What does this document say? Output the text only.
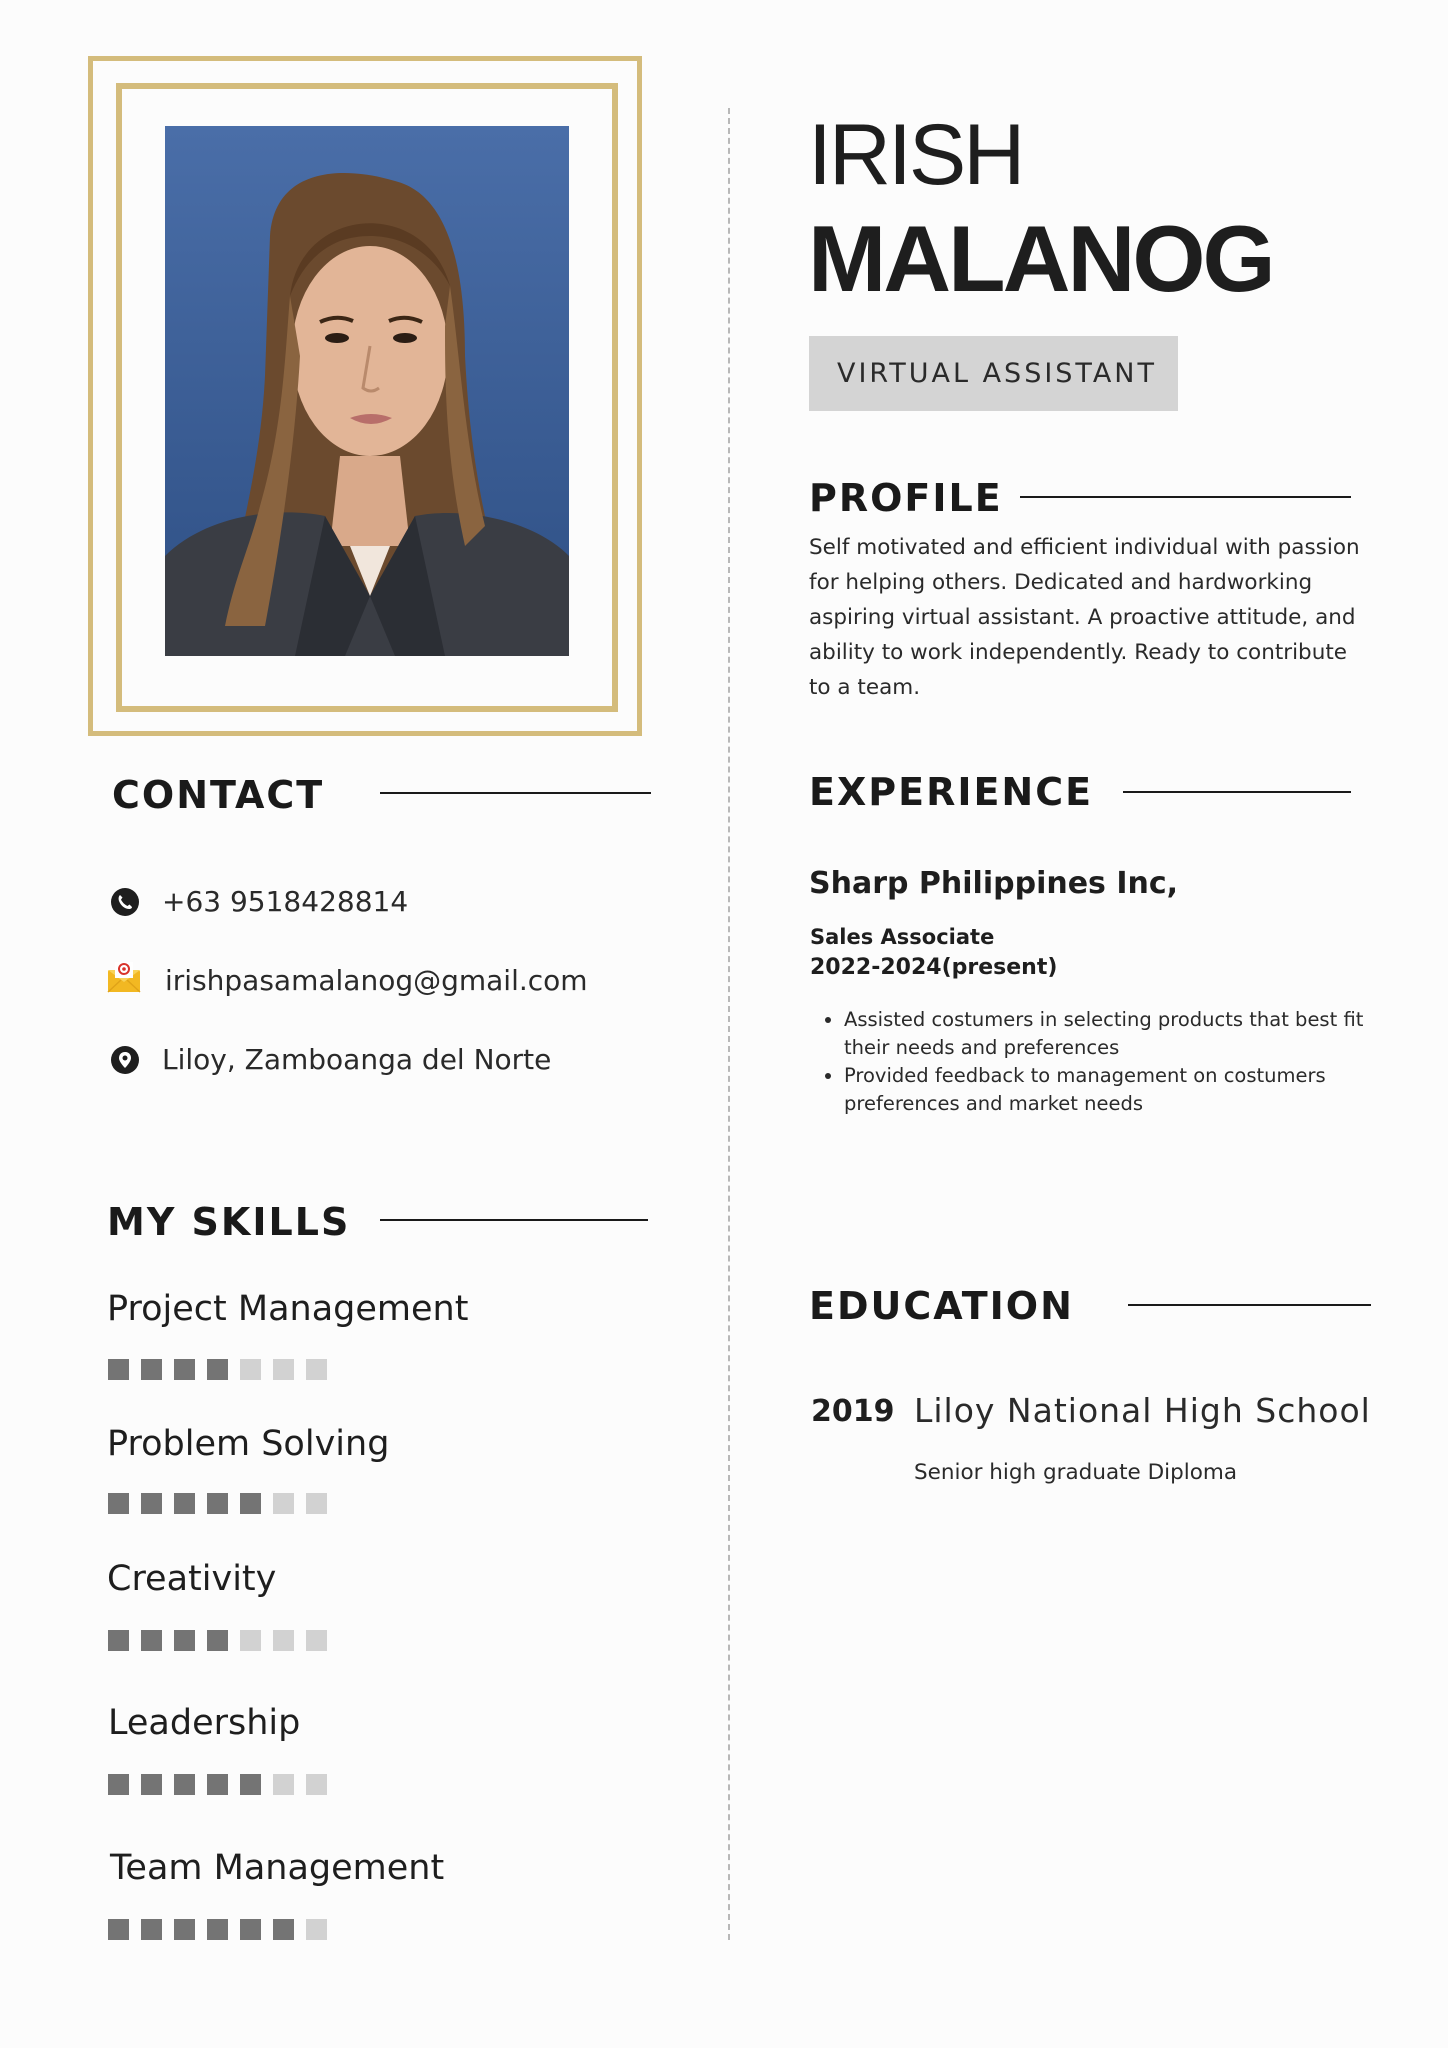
CONTACT
+63 9518428814
irishpasamalanog@gmail.com
Liloy, Zamboanga del Norte
MY SKILLS
Project Management
Problem Solving
Creativity
Leadership
Team Management
IRISH
MALANOG
VIRTUAL ASSISTANT
PROFILE
Self motivated and efficient individual with passion for helping others. Dedicated and hardworking aspiring virtual assistant. A proactive attitude, and ability to work independently. Ready to contribute to a team.
EXPERIENCE
Sharp Philippines Inc,
Sales Associate
2022-2024(present)
• Assisted costumers in selecting products that best fit their needs and preferences
• Provided feedback to management on costumers preferences and market needs
EDUCATION
2019 Liloy National High School
Senior high graduate Diploma
